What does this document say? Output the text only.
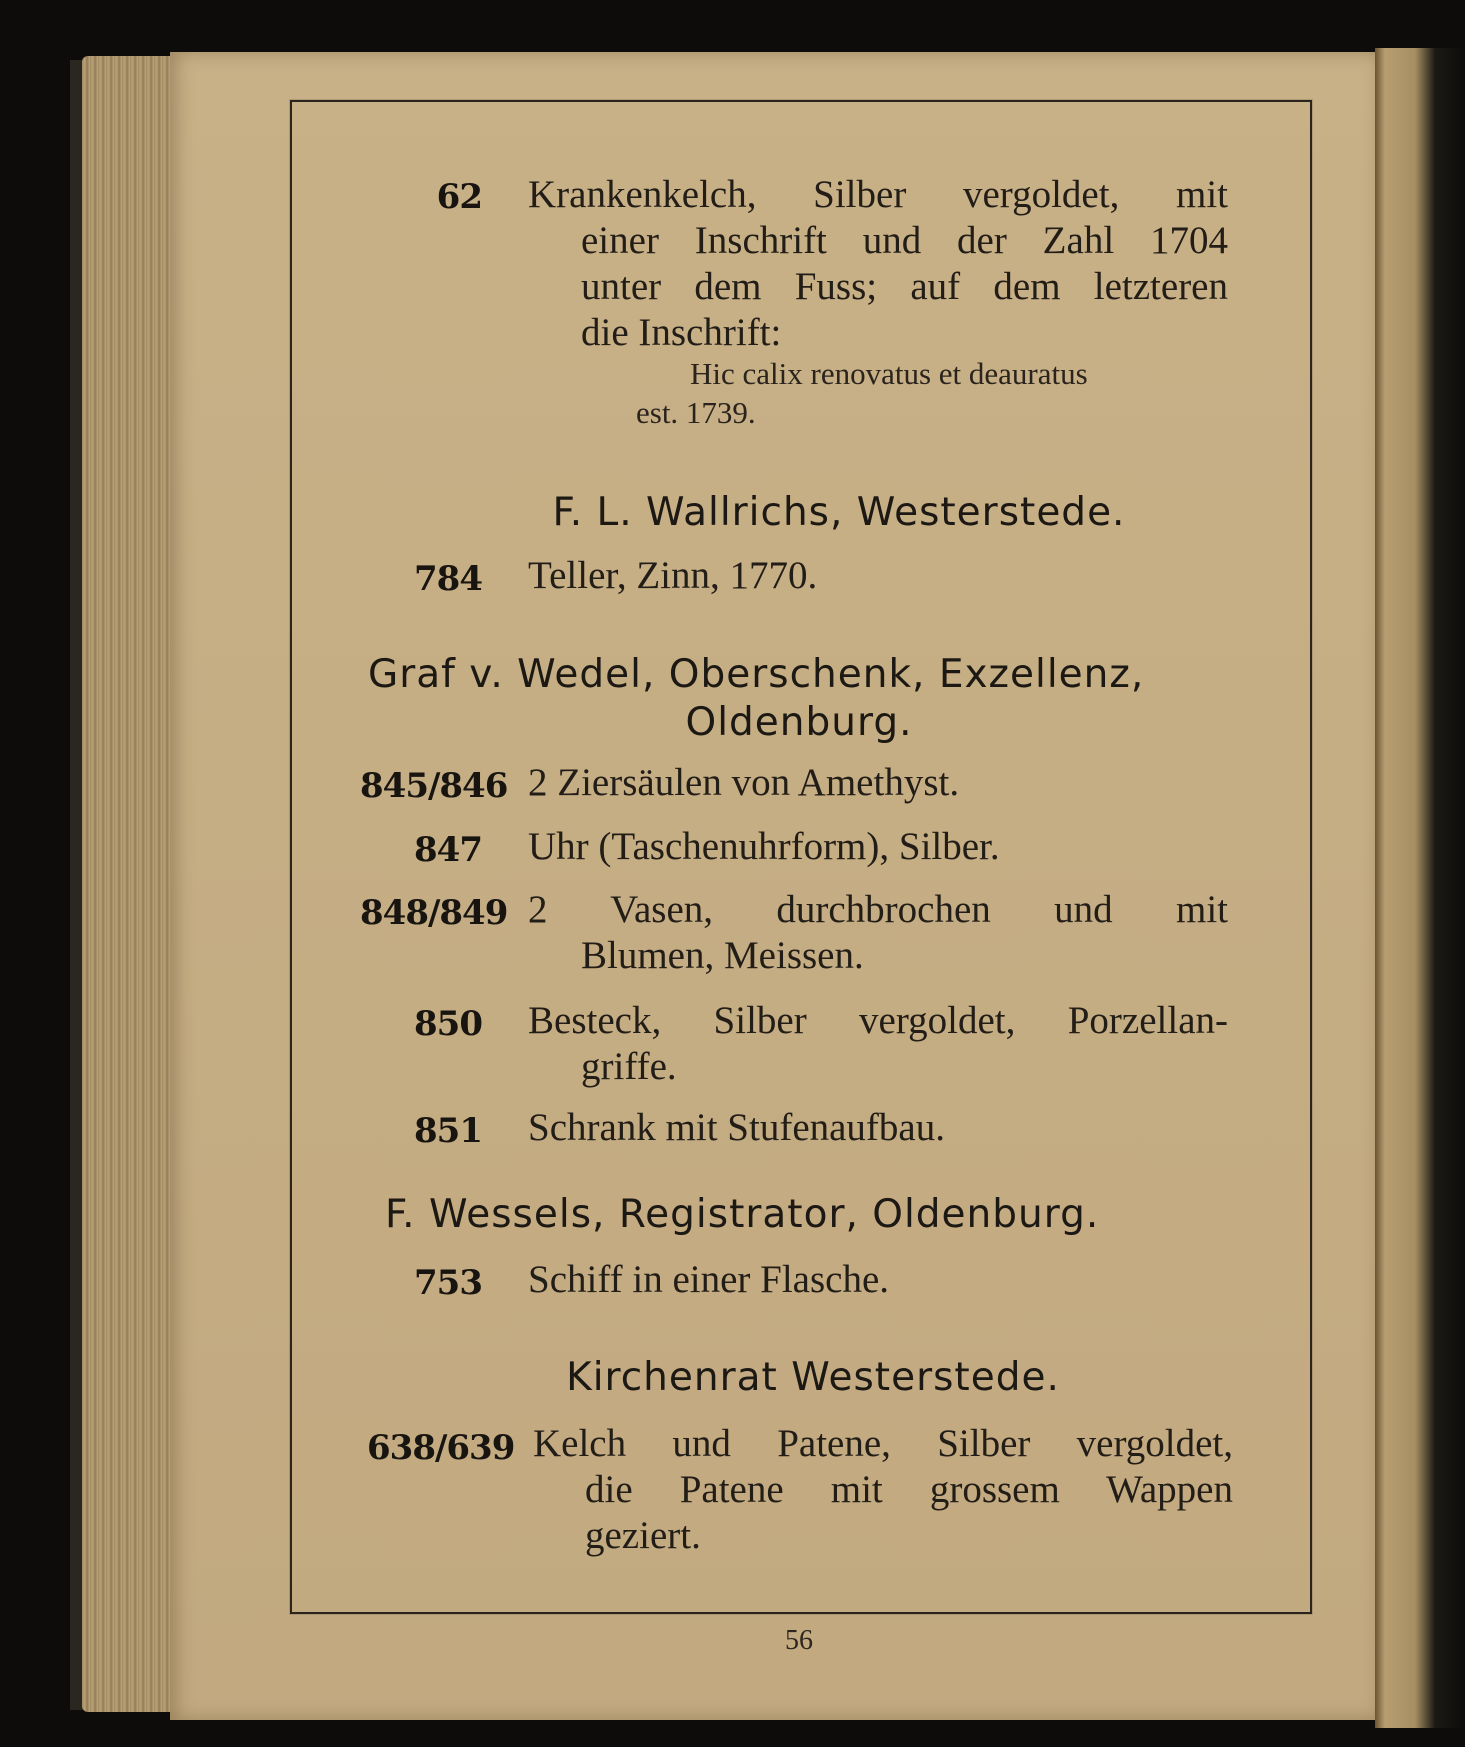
62 Krankenkelch, Silber vergoldet, mit
einer Inschrift und der Zahl 1704
unter dem Fuss; auf dem letzteren
die Inschrift:
Hic calix renovatus et deauratus
est. 1739.
F. L. Wallrichs, Westerstede.
784 Teller, Zinn, 1770.
Graf v. Wedel, Oberschenk, Exzellenz,
Oldenburg.
845/846 2 Ziersäulen von Amethyst.
847 Uhr (Taschenuhrform), Silber.
848/849 2 Vasen, durchbrochen und mit
Blumen, Meissen.
850 Besteck, Silber vergoldet, Porzellan-
griffe.
851 Schrank mit Stufenaufbau.
F. Wessels, Registrator, Oldenburg.
753 Schiff in einer Flasche.
Kirchenrat Westerstede.
638/639 Kelch und Patene, Silber vergoldet,
die Patene mit grossem Wappen
geziert.
56
